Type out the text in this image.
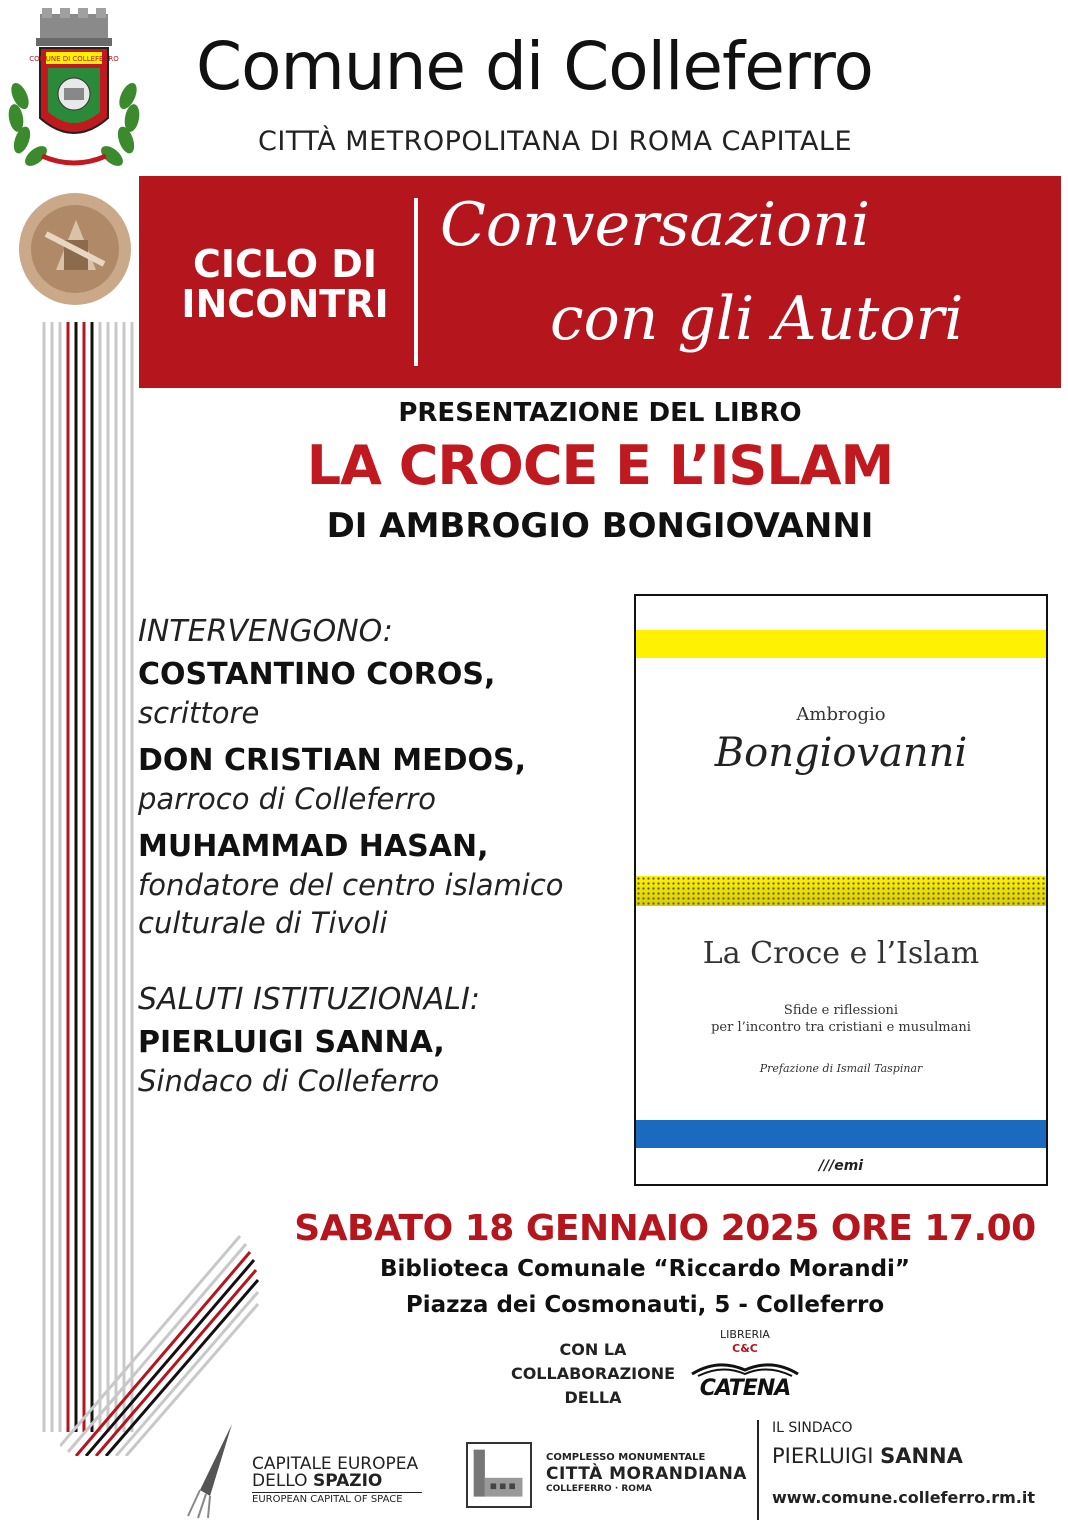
COMUNE DI COLLEFERRO Comune di Colleferro
CITTÀ METROPOLITANA DI ROMA CAPITALE
CICLO DI INCONTRI
Conversazioni
con gli Autori
PRESENTAZIONE DEL LIBRO
LA CROCE E L’ISLAM
DI AMBROGIO BONGIOVANNI
INTERVENGONO:
COSTANTINO COROS,
scrittore
DON CRISTIAN MEDOS,
parroco di Colleferro
MUHAMMAD HASAN,
fondatore del centro islamico culturale di Tivoli
SALUTI ISTITUZIONALI:
PIERLUIGI SANNA,
Sindaco di Colleferro
Ambrogio
Bongiovanni
La Croce e l’Islam
Sfide e riflessioni
per l’incontro tra cristiani e musulmani
Prefazione di Ismail Taspinar
///emi
SABATO 18 GENNAIO 2025 ORE 17.00
Biblioteca Comunale “Riccardo Morandi”
Piazza dei Cosmonauti, 5 - Colleferro
CON LA COLLABORAZIONE DELLA
LIBRERIA
C&C
CATENA
CAPITALE EUROPEA
DELLO SPAZIO
EUROPEAN CAPITAL OF SPACE
COMPLESSO MONUMENTALE
CITTÀ MORANDIANA
COLLEFERRO · ROMA
IL SINDACO
PIERLUIGI SANNA
www.comune.colleferro.rm.it
